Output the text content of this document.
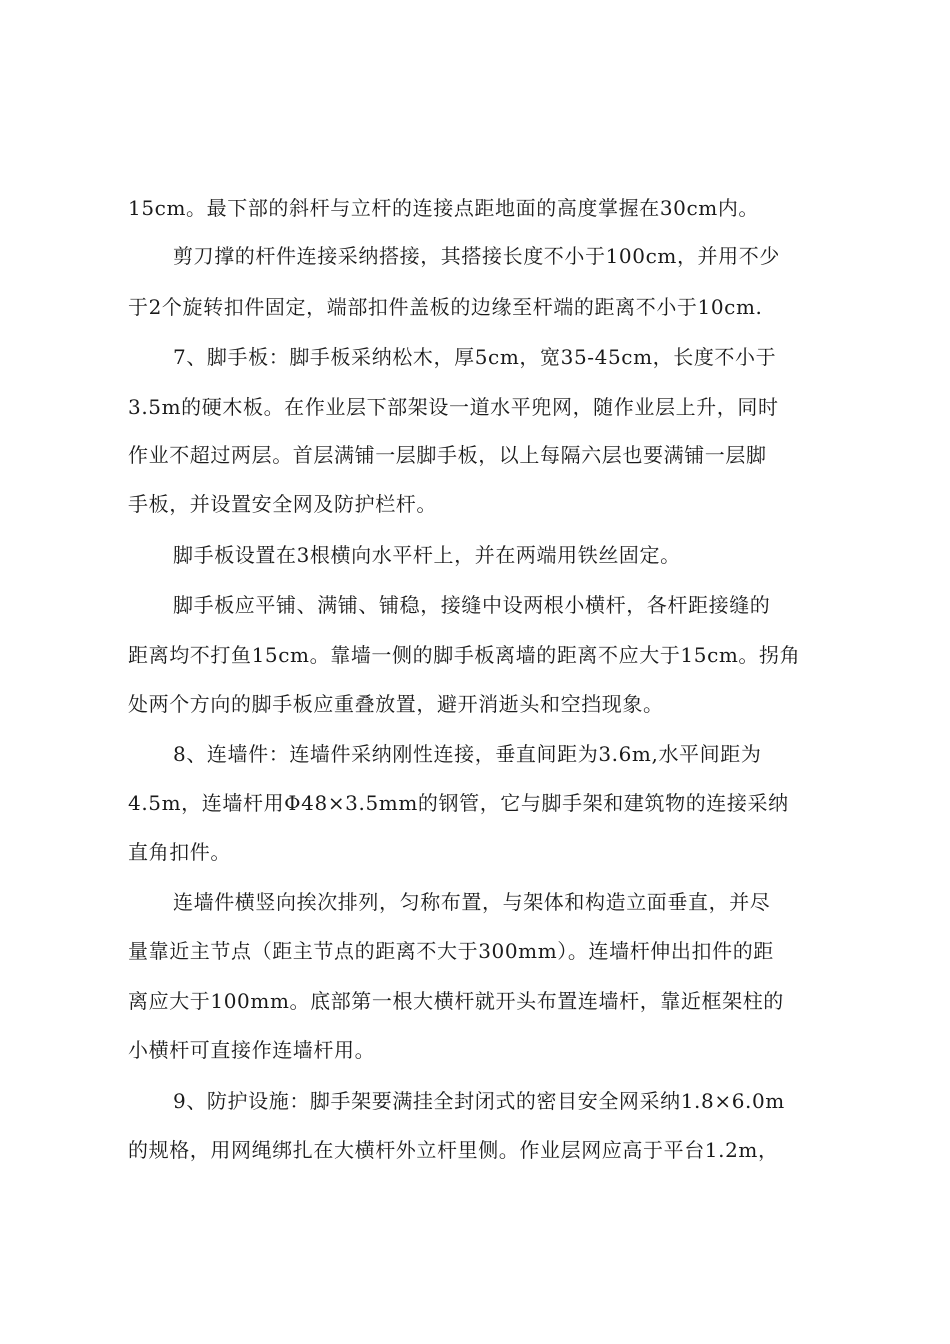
15cm。最下部的斜杆与立杆的连接点距地面的高度掌握在30cm内。
剪刀撑的杆件连接采纳搭接，其搭接长度不小于100cm，并用不少
于2个旋转扣件固定，端部扣件盖板的边缘至杆端的距离不小于10cm.
7、脚手板：脚手板采纳松木，厚5cm，宽35-45cm，长度不小于
3.5m的硬木板。在作业层下部架设一道水平兜网，随作业层上升，同时
作业不超过两层。首层满铺一层脚手板，以上每隔六层也要满铺一层脚
手板，并设置安全网及防护栏杆。
脚手板设置在3根横向水平杆上，并在两端用铁丝固定。
脚手板应平铺、满铺、铺稳，接缝中设两根小横杆，各杆距接缝的
距离均不打鱼15cm。靠墙一侧的脚手板离墙的距离不应大于15cm。拐角
处两个方向的脚手板应重叠放置，避开消逝头和空挡现象。
8、连墙件：连墙件采纳刚性连接，垂直间距为3.6m,水平间距为
4.5m，连墙杆用Φ48×3.5mm的钢管，它与脚手架和建筑物的连接采纳
直角扣件。
连墙件横竖向挨次排列，匀称布置，与架体和构造立面垂直，并尽
量靠近主节点（距主节点的距离不大于300mm）。连墙杆伸出扣件的距
离应大于100mm。底部第一根大横杆就开头布置连墙杆，靠近框架柱的
小横杆可直接作连墙杆用。
9、防护设施：脚手架要满挂全封闭式的密目安全网采纳1.8×6.0m
的规格，用网绳绑扎在大横杆外立杆里侧。作业层网应高于平台1.2m，
